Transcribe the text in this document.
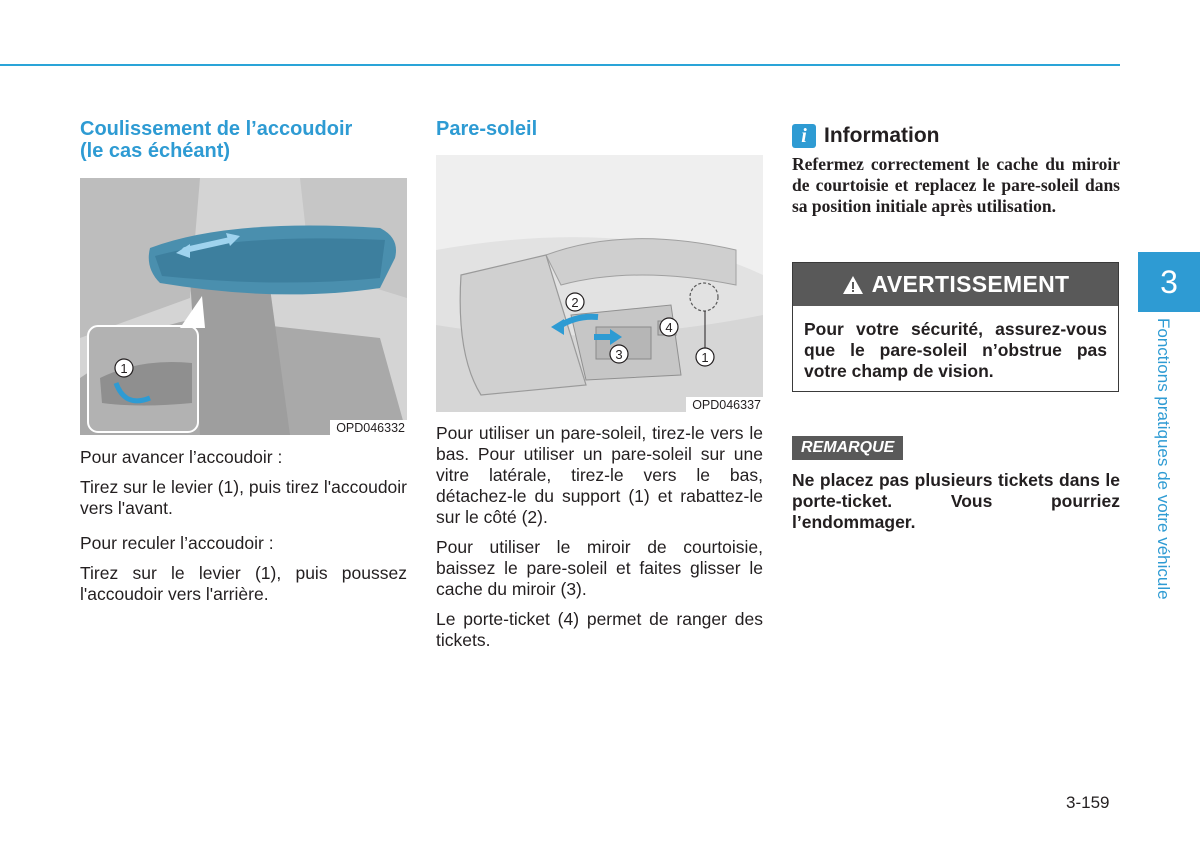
Coulissement de l’accoudoir
(le cas échéant)
1
OPD046332

Pour avancer l’accoudoir :

Tirez sur le levier (1), puis tirez l'accoudoir vers l'avant.

Pour reculer l’accoudoir :

Tirez sur le levier (1), puis poussez l'accoudoir vers l'arrière.

Pare-soleil
2
4
3	1
OPD046337

Pour utiliser un pare-soleil, tirez-le vers le bas. Pour utiliser un pare-soleil sur une vitre latérale, tirez-le vers le bas, détachez-le du support (1) et rabattez-le sur le côté (2).

Pour utiliser le miroir de courtoisie, baissez le pare-soleil et faites glisser le cache du miroir (3).

Le porte-ticket (4) permet de ranger des tickets.

i Information

Refermez correctement le cache du miroir de courtoisie et replacez le pare-soleil dans sa position initiale après utilisation.

AVERTISSEMENT
Pour votre sécurité, assurez-vous que le pare-soleil n’obstrue pas votre champ de vision.
REMARQUE

Ne placez pas plusieurs tickets dans le porte-ticket. Vous pourriez l’endommager.

3
Fonctions pratiques de votre véhicule
3-159
